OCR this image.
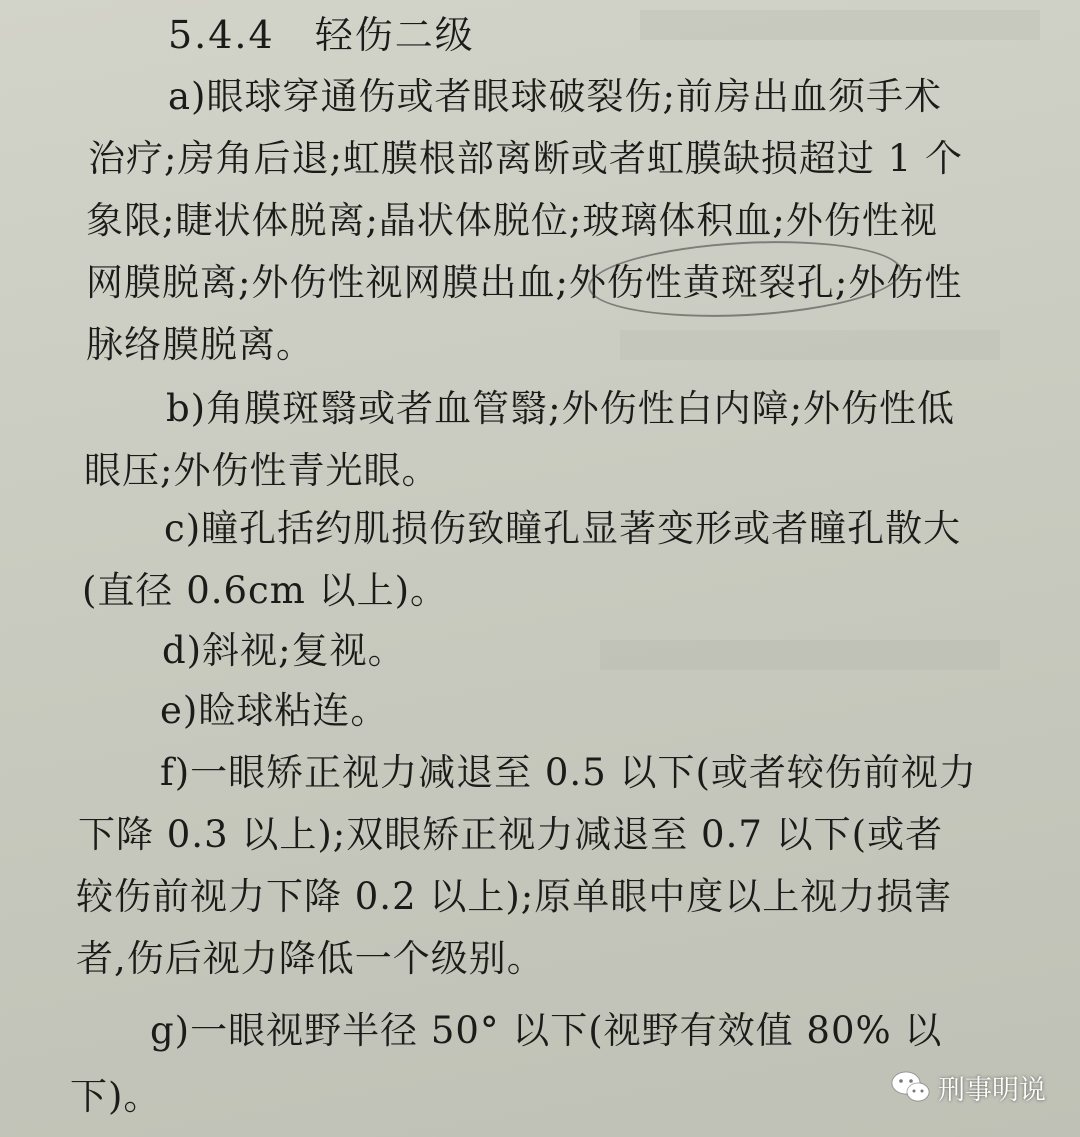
5.4.4 轻伤二级
a)眼球穿通伤或者眼球破裂伤;前房出血须手术
治疗;房角后退;虹膜根部离断或者虹膜缺损超过 1 个
象限;睫状体脱离;晶状体脱位;玻璃体积血;外伤性视
网膜脱离;外伤性视网膜出血;外伤性黄斑裂孔;外伤性
脉络膜脱离。
b)角膜斑翳或者血管翳;外伤性白内障;外伤性低
眼压;外伤性青光眼。
c)瞳孔括约肌损伤致瞳孔显著变形或者瞳孔散大
(直径 0.6cm 以上)。
d)斜视;复视。
e)睑球粘连。
f)一眼矫正视力减退至 0.5 以下(或者较伤前视力
下降 0.3 以上);双眼矫正视力减退至 0.7 以下(或者
较伤前视力下降 0.2 以上);原单眼中度以上视力损害
者,伤后视力降低一个级别。
g)一眼视野半径 50° 以下(视野有效值 80% 以
下)。	刑事明说
